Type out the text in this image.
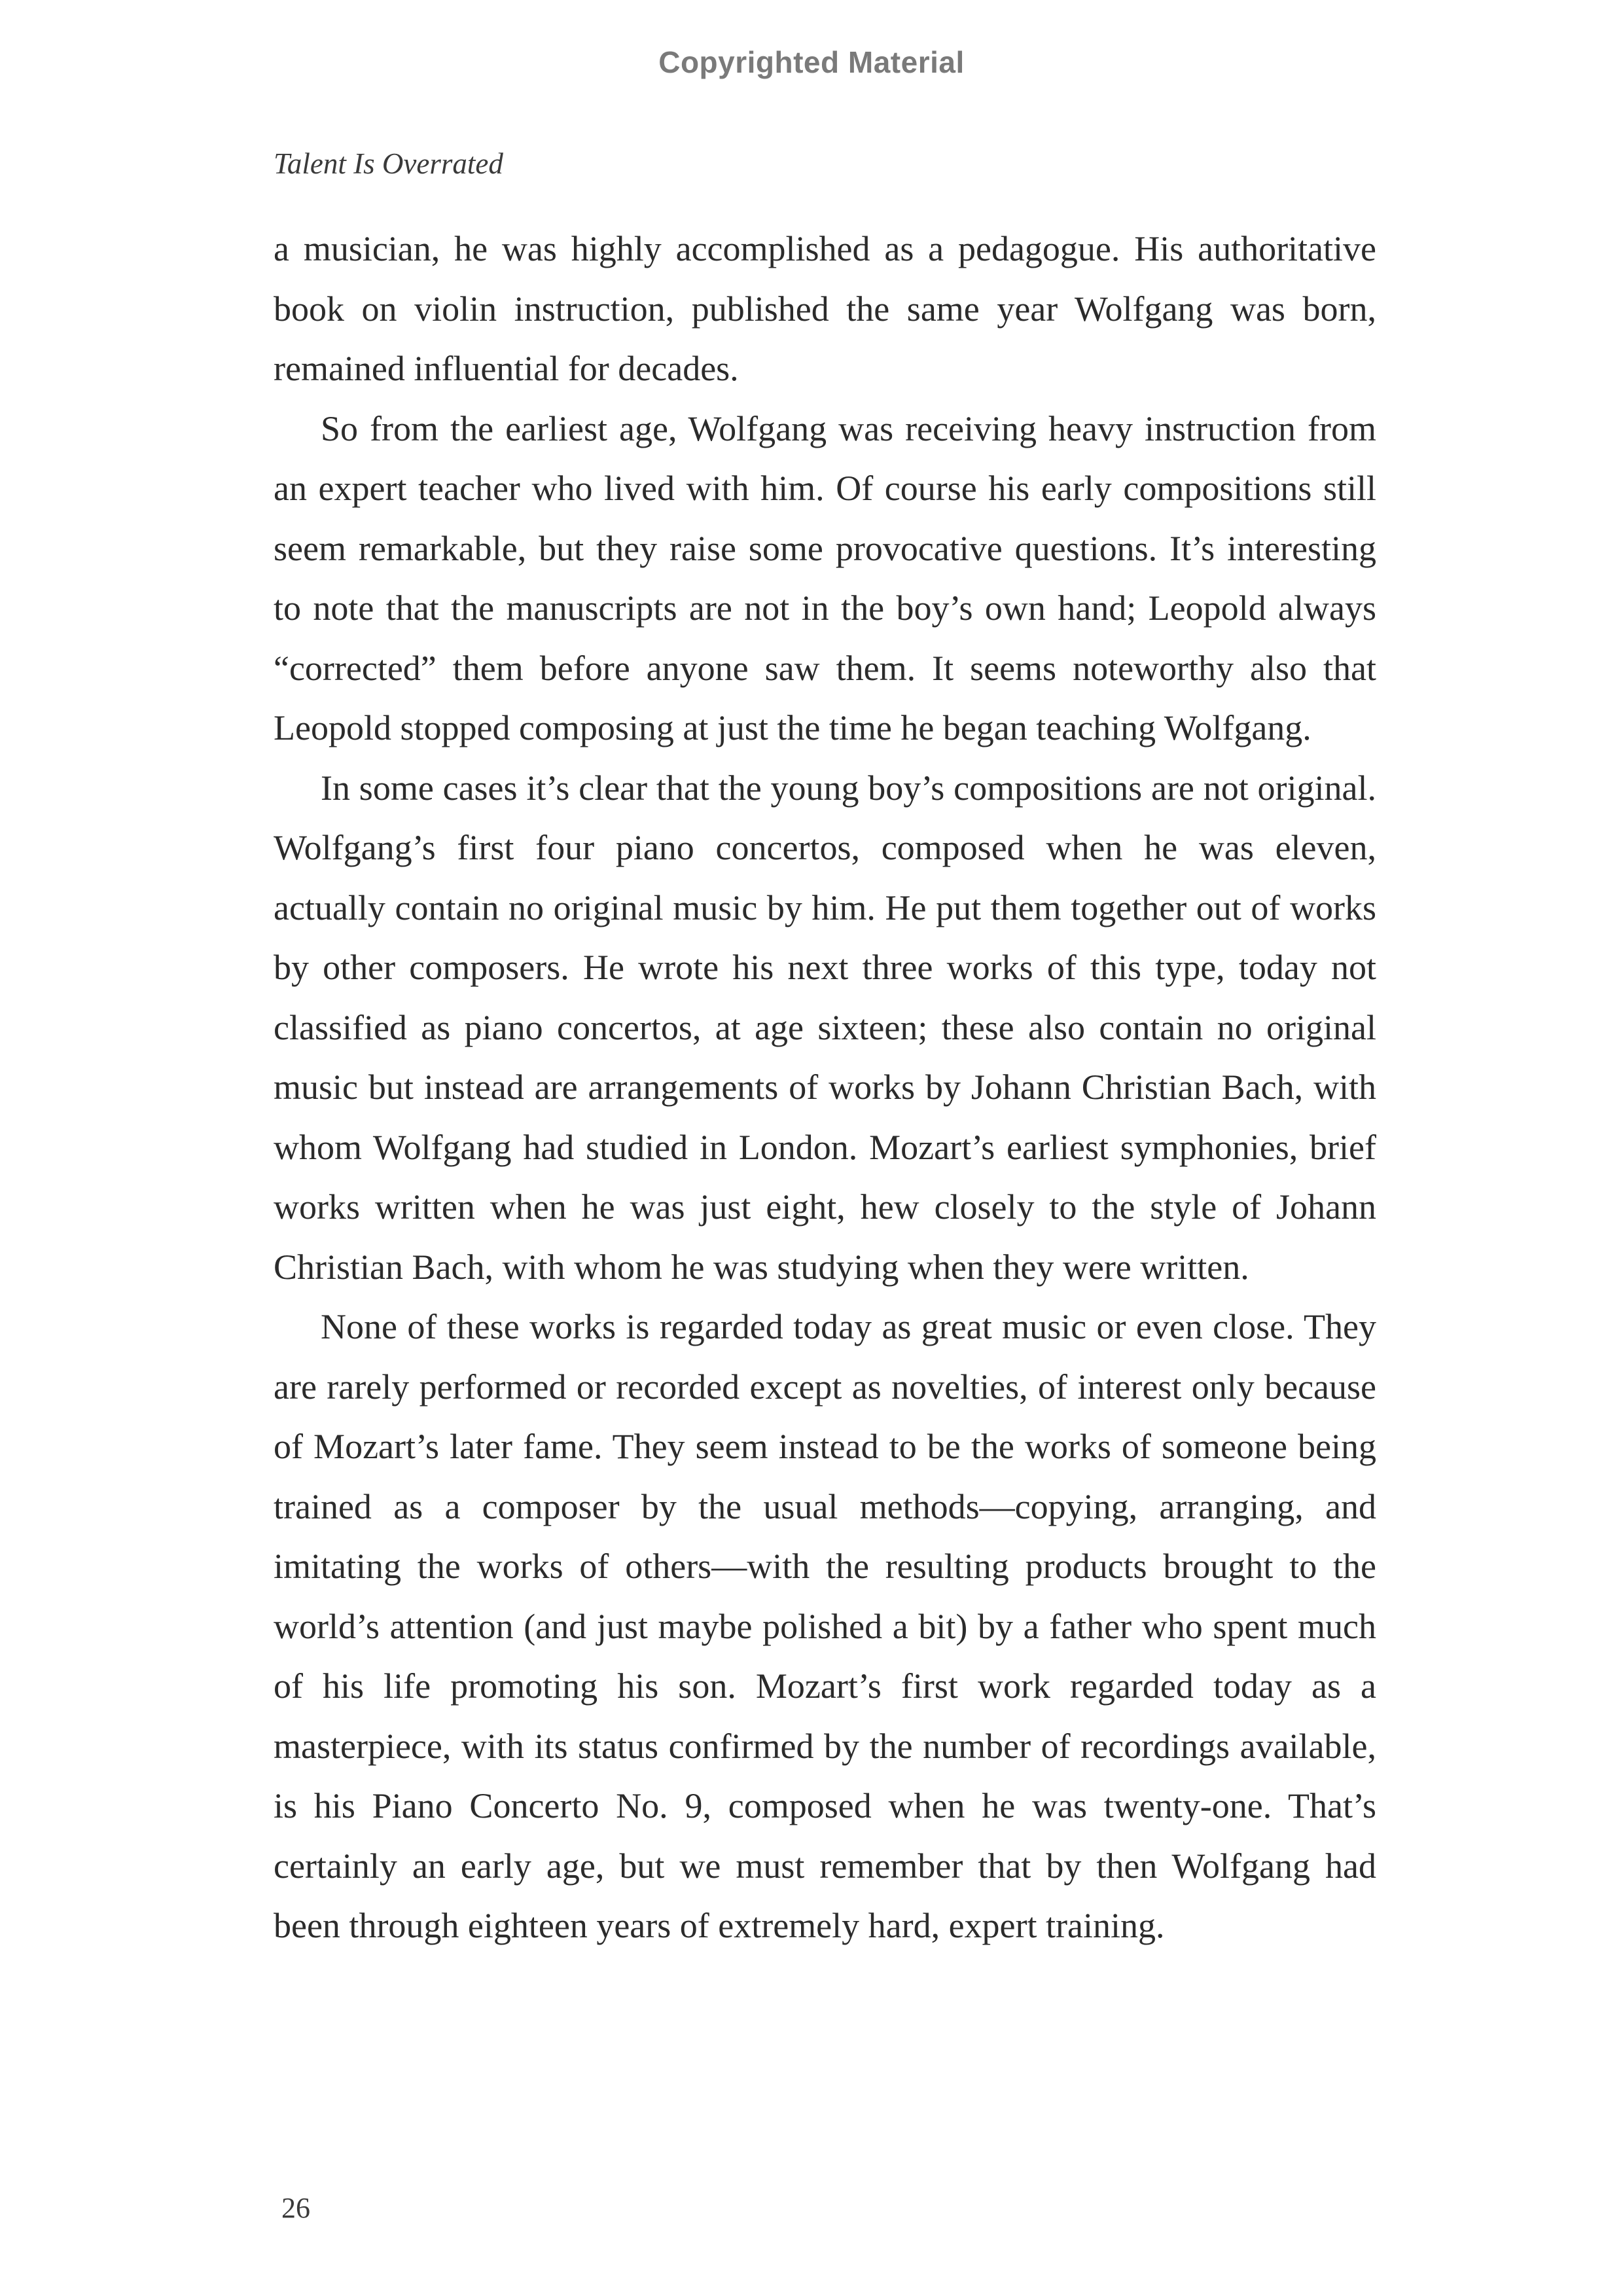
Copyrighted Material
Talent Is Overrated

a musician, he was highly accomplished as a pedagogue. His authoritative book on violin instruction, published the same year Wolfgang was born, remained influential for decades.

So from the earliest age, Wolfgang was receiving heavy instruction from an expert teacher who lived with him. Of course his early compositions still seem remarkable, but they raise some provocative questions. It’s interesting to note that the manuscripts are not in the boy’s own hand; Leopold always “corrected” them before anyone saw them. It seems noteworthy also that Leopold stopped composing at just the time he began teaching Wolfgang.

In some cases it’s clear that the young boy’s compositions are not original. Wolfgang’s first four piano concertos, composed when he was eleven, actually contain no original music by him. He put them together out of works by other composers. He wrote his next three works of this type, today not classified as piano concertos, at age sixteen; these also contain no original music but instead are arrangements of works by Johann Christian Bach, with whom Wolfgang had studied in London. Mozart’s earliest symphonies, brief works written when he was just eight, hew closely to the style of Johann Christian Bach, with whom he was studying when they were written.

None of these works is regarded today as great music or even close. They are rarely performed or recorded except as novelties, of interest only because of Mozart’s later fame. They seem instead to be the works of someone being trained as a composer by the usual methods—copying, arranging, and imitating the works of others—with the resulting products brought to the world’s attention (and just maybe polished a bit) by a father who spent much of his life promoting his son. Mozart’s first work regarded today as a masterpiece, with its status confirmed by the number of recordings available, is his Piano Concerto No. 9, composed when he was twenty-one. That’s certainly an early age, but we must remember that by then Wolfgang had been through eighteen years of extremely hard, expert training.

26
